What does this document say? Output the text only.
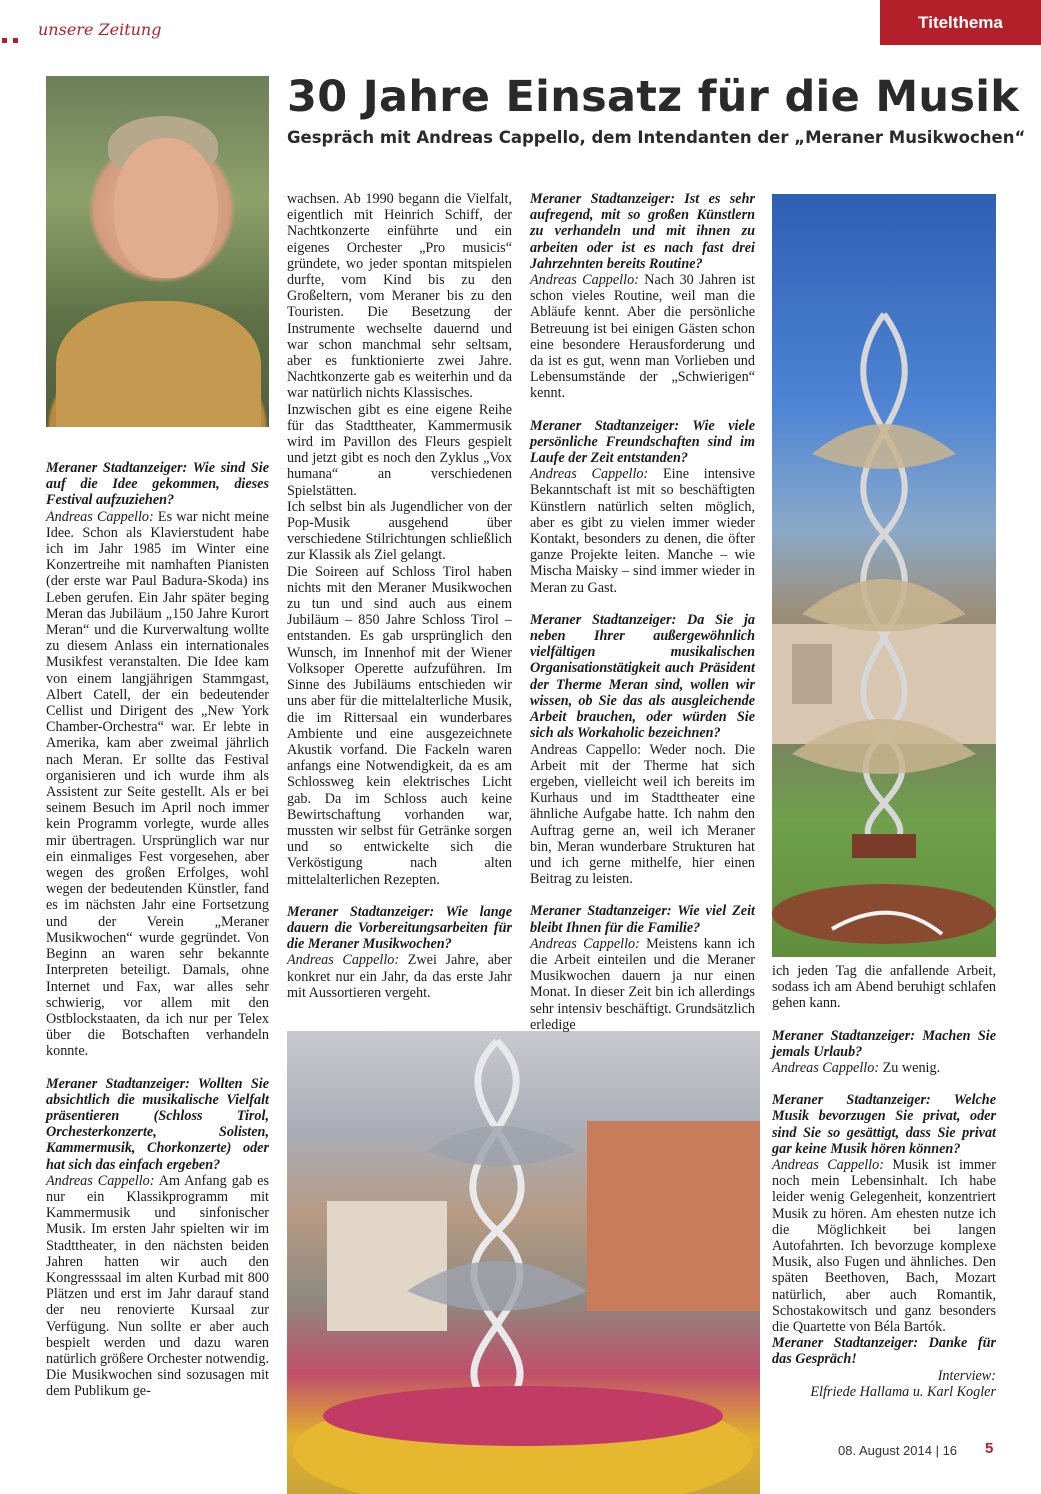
unsere Zeitung	Titelthema
30 Jahre Einsatz für die Musik
Gespräch mit Andreas Cappello, dem Intendanten der „Meraner Musikwochen“

Meraner Stadtanzeiger: Wie sind Sie auf die Idee gekommen, dieses Festival aufzuziehen?

Andreas Cappello: Es war nicht meine Idee. Schon als Klavierstudent habe ich im Jahr 1985 im Winter eine Konzertreihe mit namhaften Pianisten (der erste war Paul Badura-Skoda) ins Leben gerufen. Ein Jahr später beging Meran das Jubiläum „150 Jahre Kurort Meran“ und die Kurverwaltung wollte zu diesem Anlass ein internationales Musikfest veranstalten. Die Idee kam von einem langjährigen Stammgast, Albert Catell, der ein bedeutender Cellist und Dirigent des „New York Chamber-Orchestra“ war. Er lebte in Amerika, kam aber zweimal jährlich nach Meran. Er sollte das Festival organisieren und ich wurde ihm als Assistent zur Seite gestellt. Als er bei seinem Besuch im April noch immer kein Programm vorlegte, wurde alles mir übertragen. Ursprünglich war nur ein einmaliges Fest vorgesehen, aber wegen des großen Erfolges, wohl wegen der bedeutenden Künstler, fand es im nächsten Jahr eine Fortsetzung und der Verein „Meraner Musikwochen“ wurde gegründet. Von Beginn an waren sehr bekannte Interpreten beteiligt. Damals, ohne Internet und Fax, war alles sehr schwierig, vor allem mit den Ostblockstaaten, da ich nur per Telex über die Botschaften verhandeln konnte.

Meraner Stadtanzeiger: Wollten Sie absichtlich die musikalische Vielfalt präsentieren (Schloss Tirol, Orchesterkonzerte, Solisten, Kammermusik, Chorkonzerte) oder hat sich das einfach ergeben?

Andreas Cappello: Am Anfang gab es nur ein Klassikprogramm mit Kammermusik und sinfonischer Musik. Im ersten Jahr spielten wir im Stadttheater, in den nächsten beiden Jahren hatten wir auch den Kongresssaal im alten Kurbad mit 800 Plätzen und erst im Jahr darauf stand der neu renovierte Kursaal zur Verfügung. Nun sollte er aber auch bespielt werden und dazu waren natürlich größere Orchester notwendig. Die Musikwochen sind sozusagen mit dem Publikum ge-

wachsen. Ab 1990 begann die Vielfalt, eigentlich mit Heinrich Schiff, der Nachtkonzerte einführte und ein eigenes Orchester „Pro musicis“ gründete, wo jeder spontan mitspielen durfte, vom Kind bis zu den Großeltern, vom Meraner bis zu den Touristen. Die Besetzung der Instrumente wechselte dauernd und war schon manchmal sehr seltsam, aber es funktionierte zwei Jahre. Nachtkonzerte gab es weiterhin und da war natürlich nichts Klassisches.

Inzwischen gibt es eine eigene Reihe für das Stadttheater, Kammermusik wird im Pavillon des Fleurs gespielt und jetzt gibt es noch den Zyklus „Vox humana“ an verschiedenen Spielstätten.

Ich selbst bin als Jugendlicher von der Pop-Musik ausgehend über verschiedene Stilrichtungen schließlich zur Klassik als Ziel gelangt.

Die Soireen auf Schloss Tirol haben nichts mit den Meraner Musikwochen zu tun und sind auch aus einem Jubiläum – 850 Jahre Schloss Tirol – entstanden. Es gab ursprünglich den Wunsch, im Innenhof mit der Wiener Volksoper Operette aufzuführen. Im Sinne des Jubiläums entschieden wir uns aber für die mittelalterliche Musik, die im Rittersaal ein wunderbares Ambiente und eine ausgezeichnete Akustik vorfand. Die Fackeln waren anfangs eine Notwendigkeit, da es am Schlossweg kein elektrisches Licht gab. Da im Schloss auch keine Bewirtschaftung vorhanden war, mussten wir selbst für Getränke sorgen und so entwickelte sich die Verköstigung nach alten mittelalterlichen Rezepten.

Meraner Stadtanzeiger: Wie lange dauern die Vorbereitungsarbeiten für die Meraner Musikwochen?

Andreas Cappello: Zwei Jahre, aber konkret nur ein Jahr, da das erste Jahr mit Aussortieren vergeht.

Meraner Stadtanzeiger: Ist es sehr aufregend, mit so großen Künstlern zu verhandeln und mit ihnen zu arbeiten oder ist es nach fast drei Jahrzehnten bereits Routine?

Andreas Cappello: Nach 30 Jahren ist schon vieles Routine, weil man die Abläufe kennt. Aber die persönliche Betreuung ist bei einigen Gästen schon eine besondere Herausforderung und da ist es gut, wenn man Vorlieben und Lebensumstände der „Schwierigen“ kennt.

Meraner Stadtanzeiger: Wie viele persönliche Freundschaften sind im Laufe der Zeit entstanden?

Andreas Cappello: Eine intensive Bekanntschaft ist mit so beschäftigten Künstlern natürlich selten möglich, aber es gibt zu vielen immer wieder Kontakt, besonders zu denen, die öfter ganze Projekte leiten. Manche – wie Mischa Maisky – sind immer wieder in Meran zu Gast.

Meraner Stadtanzeiger: Da Sie ja neben Ihrer außergewöhnlich vielfältigen musikalischen Organisationstätigkeit auch Präsident der Therme Meran sind, wollen wir wissen, ob Sie das als ausgleichende Arbeit brauchen, oder würden Sie sich als Workaholic bezeichnen?

Andreas Cappello: Weder noch. Die Arbeit mit der Therme hat sich ergeben, vielleicht weil ich bereits im Kurhaus und im Stadttheater eine ähnliche Aufgabe hatte. Ich nahm den Auftrag gerne an, weil ich Meraner bin, Meran wunderbare Strukturen hat und ich gerne mithelfe, hier einen Beitrag zu leisten.

Meraner Stadtanzeiger: Wie viel Zeit bleibt Ihnen für die Familie?

Andreas Cappello: Meistens kann ich die Arbeit einteilen und die Meraner Musikwochen dauern ja nur einen Monat. In dieser Zeit bin ich allerdings sehr intensiv beschäftigt. Grundsätzlich erledige

ich jeden Tag die anfallende Arbeit, sodass ich am Abend beruhigt schlafen gehen kann.

Meraner Stadtanzeiger: Machen Sie jemals Urlaub?

Andreas Cappello: Zu wenig.

Meraner Stadtanzeiger: Welche Musik bevorzugen Sie privat, oder sind Sie so gesättigt, dass Sie privat gar keine Musik hören können?

Andreas Cappello: Musik ist immer noch mein Lebensinhalt. Ich habe leider wenig Gelegenheit, konzentriert Musik zu hören. Am ehesten nutze ich die Möglichkeit bei langen Autofahrten. Ich bevorzuge komplexe Musik, also Fugen und ähnliches. Den späten Beethoven, Bach, Mozart natürlich, aber auch Romantik, Schostakowitsch und ganz besonders die Quartette von Béla Bartók.

Meraner Stadtanzeiger: Danke für das Gespräch!

Interview:

Elfriede Hallama u. Karl Kogler

08. August 2014 | 16 5
